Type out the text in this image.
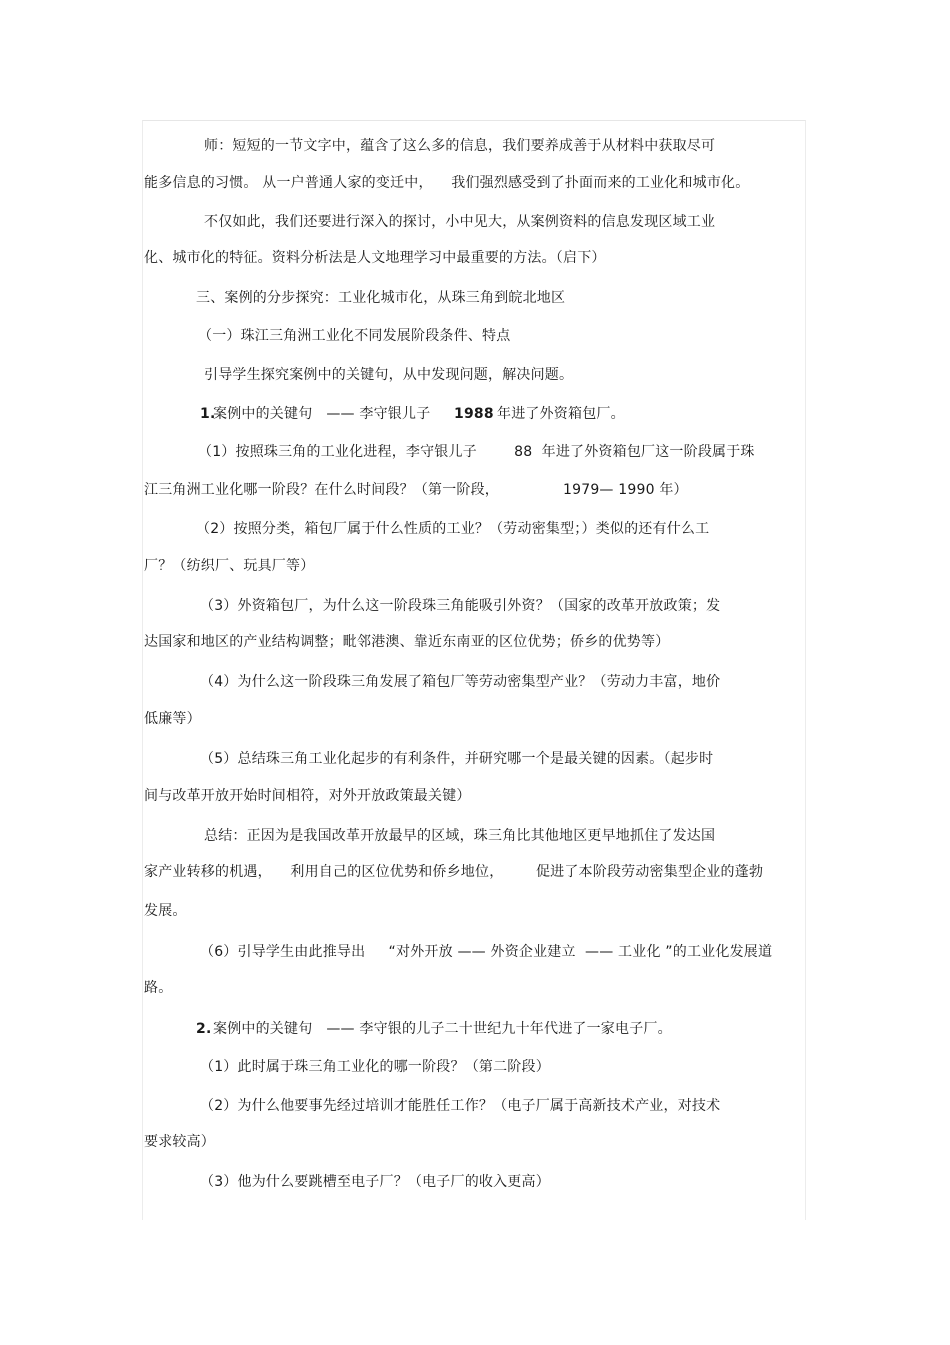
师：短短的一节文字中，蕴含了这么多的信息，我们要养成善于从材料中获取尽可
能多信息的习惯。 从一户普通人家的变迁中，    我们强烈感受到了扑面而来的工业化和城市化。
不仅如此，我们还要进行深入的探讨，小中见大，从案例资料的信息发现区域工业
化、城市化的特征。资料分析法是人文地理学习中最重要的方法。（启下）
三、案例的分步探究：工业化城市化，从珠三角到皖北地区
（一）珠江三角洲工业化不同发展阶段条件、特点
引导学生探究案例中的关键句，从中发现问题，解决问题。
1.
案例中的关键句   —— 李守银儿子 1988 年进了外资箱包厂。
（1）按照珠三角的工业化进程，李守银儿子        88  年进了外资箱包厂这一阶段属于珠
江三角洲工业化哪一阶段？在什么时间段？（第一阶段，	1979— 1990 年）
（2）按照分类，箱包厂属于什么性质的工业？（劳动密集型；）类似的还有什么工
厂？（纺织厂、玩具厂等）
（3）外资箱包厂，为什么这一阶段珠三角能吸引外资？（国家的改革开放政策；发
达国家和地区的产业结构调整；毗邻港澳、靠近东南亚的区位优势；侨乡的优势等）
（4）为什么这一阶段珠三角发展了箱包厂等劳动密集型产业？（劳动力丰富，地价
低廉等）
（5）总结珠三角工业化起步的有利条件，并研究哪一个是最关键的因素。（起步时
间与改革开放开始时间相符，对外开放政策最关键）
总结：正因为是我国改革开放最早的区域，珠三角比其他地区更早地抓住了发达国
家产业转移的机遇，    利用自己的区位优势和侨乡地位，       促进了本阶段劳动密集型企业的蓬勃
发展。
（6）引导学生由此推导出     “对外开放 —— 外资企业建立  —— 工业化 ”的工业化发展道
路。
2. 案例中的关键句   —— 李守银的儿子二十世纪九十年代进了一家电子厂。
（1）此时属于珠三角工业化的哪一阶段？（第二阶段）
（2）为什么他要事先经过培训才能胜任工作？（电子厂属于高新技术产业，对技术
要求较高）
（3）他为什么要跳槽至电子厂？（电子厂的收入更高）
